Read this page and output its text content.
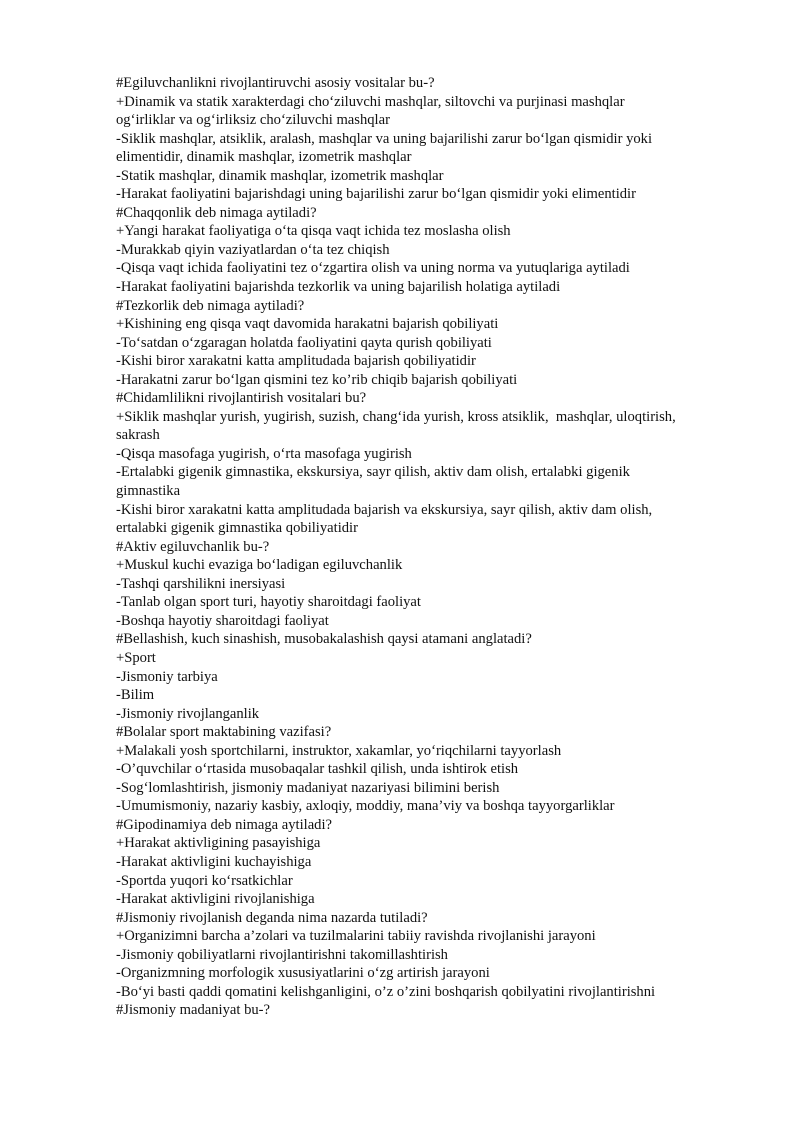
#Egiluvchanlikni rivojlantiruvchi asosiy vositalar bu-?
+Dinamik va statik xarakterdagi cho‘ziluvchi mashqlar, siltovchi va purjinasi mashqlar
og‘irliklar va og‘irliksiz cho‘ziluvchi mashqlar
-Siklik mashqlar, atsiklik, aralash, mashqlar va uning bajarilishi zarur bo‘lgan qismidir yoki
elimentidir, dinamik mashqlar, izometrik mashqlar
-Statik mashqlar, dinamik mashqlar, izometrik mashqlar
-Harakat faoliyatini bajarishdagi uning bajarilishi zarur bo‘lgan qismidir yoki elimentidir
#Chaqqonlik deb nimaga aytiladi?
+Yangi harakat faoliyatiga o‘ta qisqa vaqt ichida tez moslasha olish
-Murakkab qiyin vaziyatlardan o‘ta tez chiqish
-Qisqa vaqt ichida faoliyatini tez o‘zgartira olish va uning norma va yutuqlariga aytiladi
-Harakat faoliyatini bajarishda tezkorlik va uning bajarilish holatiga aytiladi
#Tezkorlik deb nimaga aytiladi?
+Kishining eng qisqa vaqt davomida harakatni bajarish qobiliyati
-To‘satdan o‘zgaragan holatda faoliyatini qayta qurish qobiliyati
-Kishi biror xarakatni katta amplitudada bajarish qobiliyatidir
-Harakatni zarur bo‘lgan qismini tez ko’rib chiqib bajarish qobiliyati
#Chidamlilikni rivojlantirish vositalari bu?
+Siklik mashqlar yurish, yugirish, suzish, chang‘ida yurish, kross atsiklik,  mashqlar, uloqtirish,
sakrash
-Qisqa masofaga yugirish, o‘rta masofaga yugirish
-Ertalabki gigenik gimnastika, ekskursiya, sayr qilish, aktiv dam olish, ertalabki gigenik
gimnastika
-Kishi biror xarakatni katta amplitudada bajarish va ekskursiya, sayr qilish, aktiv dam olish,
ertalabki gigenik gimnastika qobiliyatidir
#Aktiv egiluvchanlik bu-?
+Muskul kuchi evaziga bo‘ladigan egiluvchanlik
-Tashqi qarshilikni inersiyasi
-Tanlab olgan sport turi, hayotiy sharoitdagi faoliyat
-Boshqa hayotiy sharoitdagi faoliyat
#Bellashish, kuch sinashish, musobakalashish qaysi atamani anglatadi?
+Sport
-Jismoniy tarbiya
-Bilim
-Jismoniy rivojlanganlik
#Bolalar sport maktabining vazifasi?
+Malakali yosh sportchilarni, instruktor, xakamlar, yo‘riqchilarni tayyorlash
-O’quvchilar o‘rtasida musobaqalar tashkil qilish, unda ishtirok etish
-Sog‘lomlashtirish, jismoniy madaniyat nazariyasi bilimini berish
-Umumismoniy, nazariy kasbiy, axloqiy, moddiy, mana’viy va boshqa tayyorgarliklar
#Gipodinamiya deb nimaga aytiladi?
+Harakat aktivligining pasayishiga
-Harakat aktivligini kuchayishiga
-Sportda yuqori ko‘rsatkichlar
-Harakat aktivligini rivojlanishiga
#Jismoniy rivojlanish deganda nima nazarda tutiladi?
+Organizimni barcha a’zolari va tuzilmalarini tabiiy ravishda rivojlanishi jarayoni
-Jismoniy qobiliyatlarni rivojlantirishni takomillashtirish
-Organizmning morfologik xususiyatlarini o‘zg artirish jarayoni
-Bo‘yi basti qaddi qomatini kelishganligini, o’z o’zini boshqarish qobilyatini rivojlantirishni
#Jismoniy madaniyat bu-?
